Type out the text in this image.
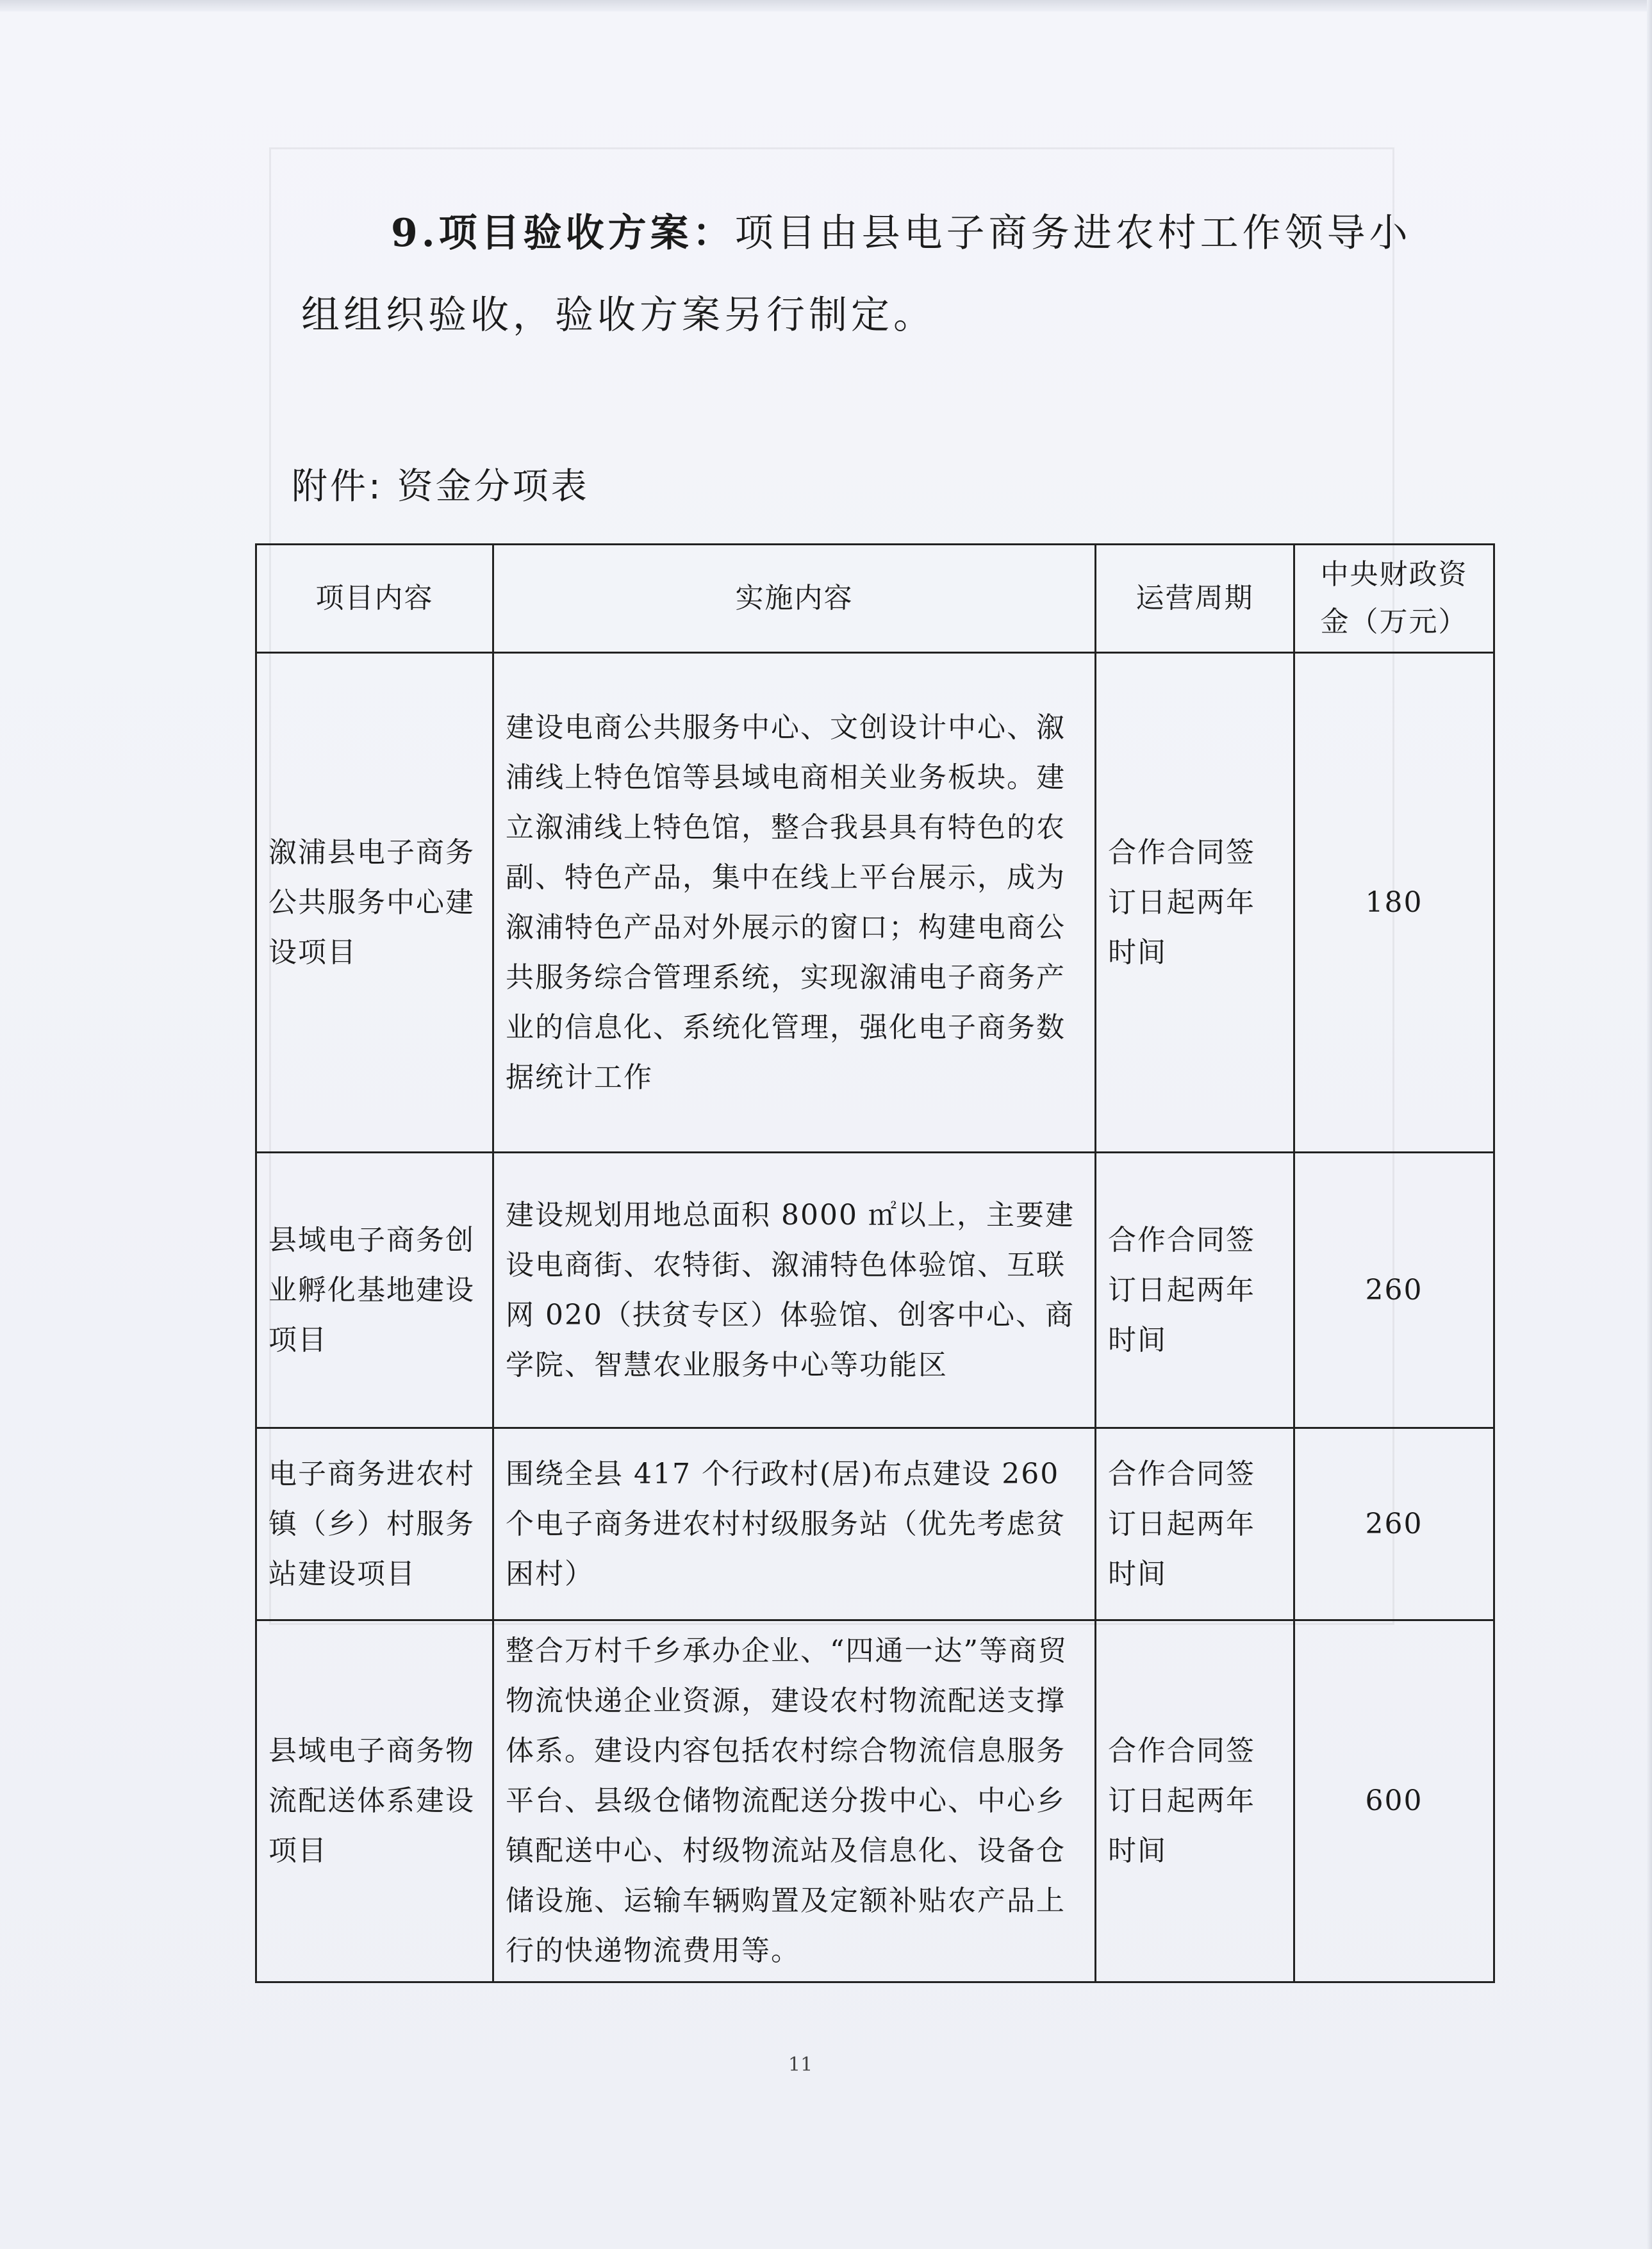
9.项目验收方案：项目由县电子商务进农村工作领导小
组组织验收，验收方案另行制定。
附件: 资金分项表
项目内容	实施内容	运营周期	中央财政资金（万元）
溆浦县电子商务公共服务中心建设项目	建设电商公共服务中心、文创设计中心、溆浦线上特色馆等县域电商相关业务板块。建立溆浦线上特色馆，整合我县具有特色的农副、特色产品，集中在线上平台展示，成为溆浦特色产品对外展示的窗口；构建电商公共服务综合管理系统，实现溆浦电子商务产业的信息化、系统化管理，强化电子商务数据统计工作	合作合同签订日起两年时间	180
县域电子商务创业孵化基地建设项目	建设规划用地总面积 8000 ㎡以上，主要建设电商街、农特街、溆浦特色体验馆、互联网 020（扶贫专区）体验馆、创客中心、商学院、智慧农业服务中心等功能区	合作合同签订日起两年时间	260
电子商务进农村镇（乡）村服务站建设项目	围绕全县 417 个行政村(居)布点建设 260 个电子商务进农村村级服务站（优先考虑贫困村）	合作合同签订日起两年时间	260
县域电子商务物流配送体系建设项目	整合万村千乡承办企业、“四通一达”等商贸物流快递企业资源，建设农村物流配送支撑体系。建设内容包括农村综合物流信息服务平台、县级仓储物流配送分拨中心、中心乡镇配送中心、村级物流站及信息化、设备仓储设施、运输车辆购置及定额补贴农产品上行的快递物流费用等。	合作合同签订日起两年时间	600
11
